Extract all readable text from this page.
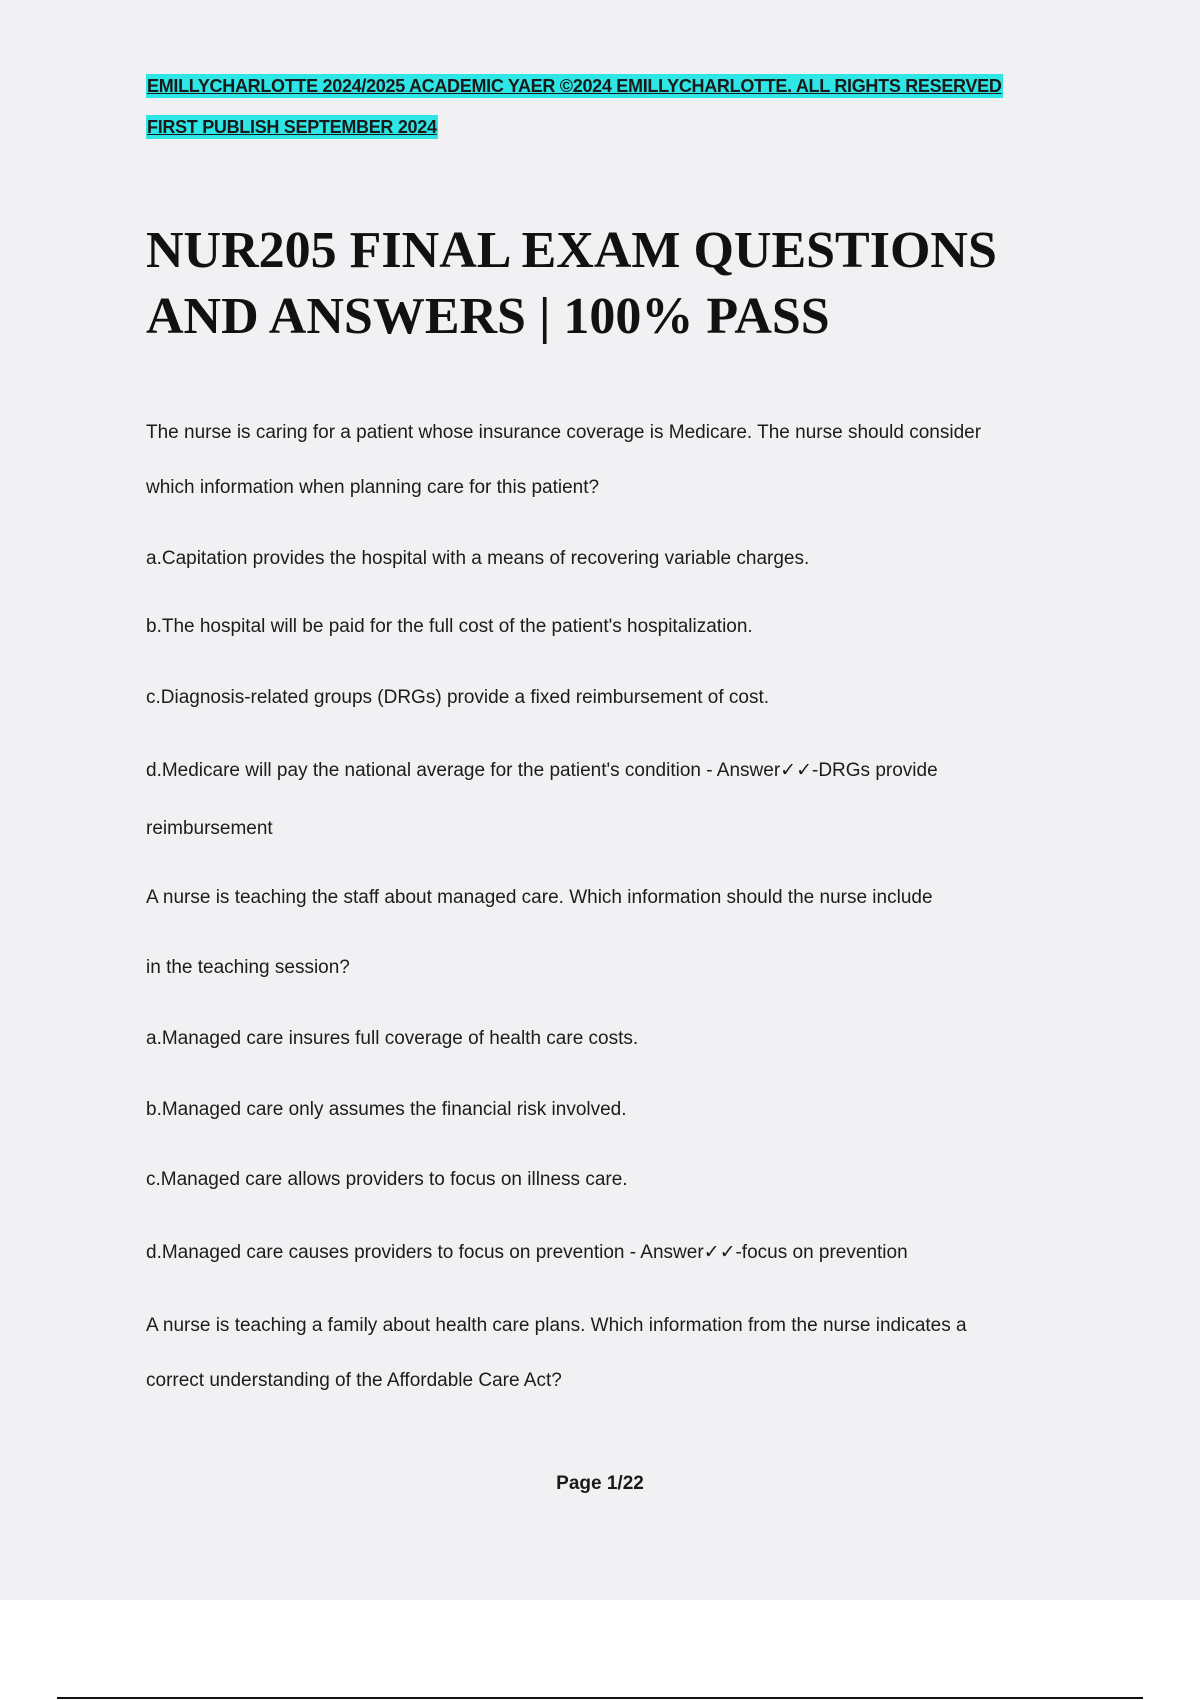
EMILLYCHARLOTTE 2024/2025 ACADEMIC YAER ©2024 EMILLYCHARLOTTE. ALL RIGHTS RESERVED
FIRST PUBLISH SEPTEMBER 2024
NUR205 FINAL EXAM QUESTIONS AND ANSWERS | 100% PASS
The nurse is caring for a patient whose insurance coverage is Medicare. The nurse should consider
which information when planning care for this patient?
a.Capitation provides the hospital with a means of recovering variable charges.
b.The hospital will be paid for the full cost of the patient's hospitalization.
c.Diagnosis-related groups (DRGs) provide a fixed reimbursement of cost.
d.Medicare will pay the national average for the patient's condition - Answer✓✓-DRGs provide
reimbursement
A nurse is teaching the staff about managed care. Which information should the nurse include
in the teaching session?
a.Managed care insures full coverage of health care costs.
b.Managed care only assumes the financial risk involved.
c.Managed care allows providers to focus on illness care.
d.Managed care causes providers to focus on prevention - Answer✓✓-focus on prevention
A nurse is teaching a family about health care plans. Which information from the nurse indicates a
correct understanding of the Affordable Care Act?
Page 1/22
